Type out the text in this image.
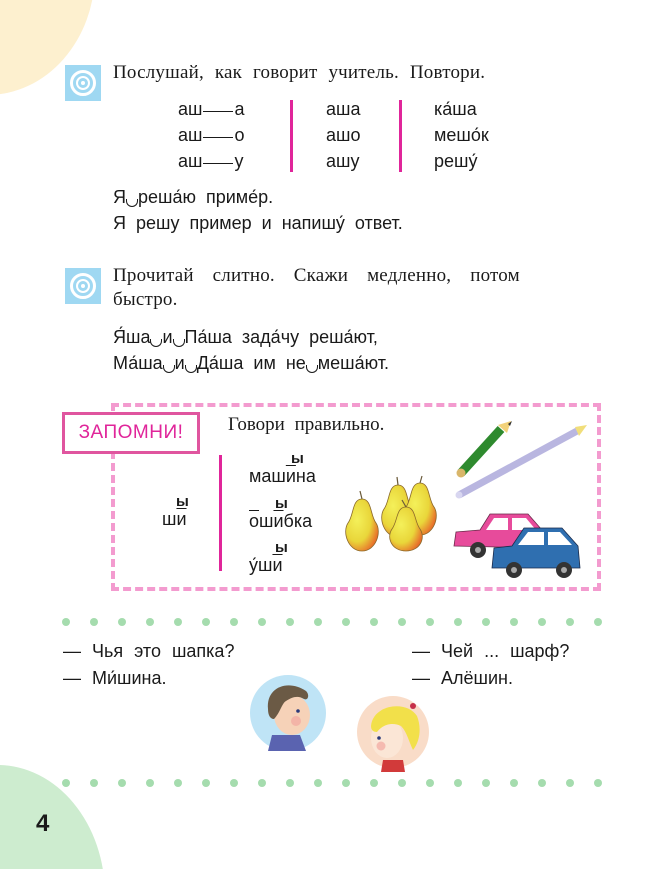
Послушай, как говорит учитель. Повтори.
аш а
аш о
аш у
аша
ашо
ашу
ка́ша
мешо́к
решу́
Я реша́ю приме́р.
Я решу пример и напишу́ ответ.
Прочитай слитно. Скажи медленно, потом
быстро.
Я́ша и Па́ша зада́чу реша́ют,
Ма́ша и Да́ша им не меша́ют.
ЗАПОМНИ!	Говори правильно.
ы
ши
ы
машина
ы
ошибка
ы
у́ши
— Чья это шапка?
— Ми́шина.
— Чей ... шарф?
— Алёшин.
4
